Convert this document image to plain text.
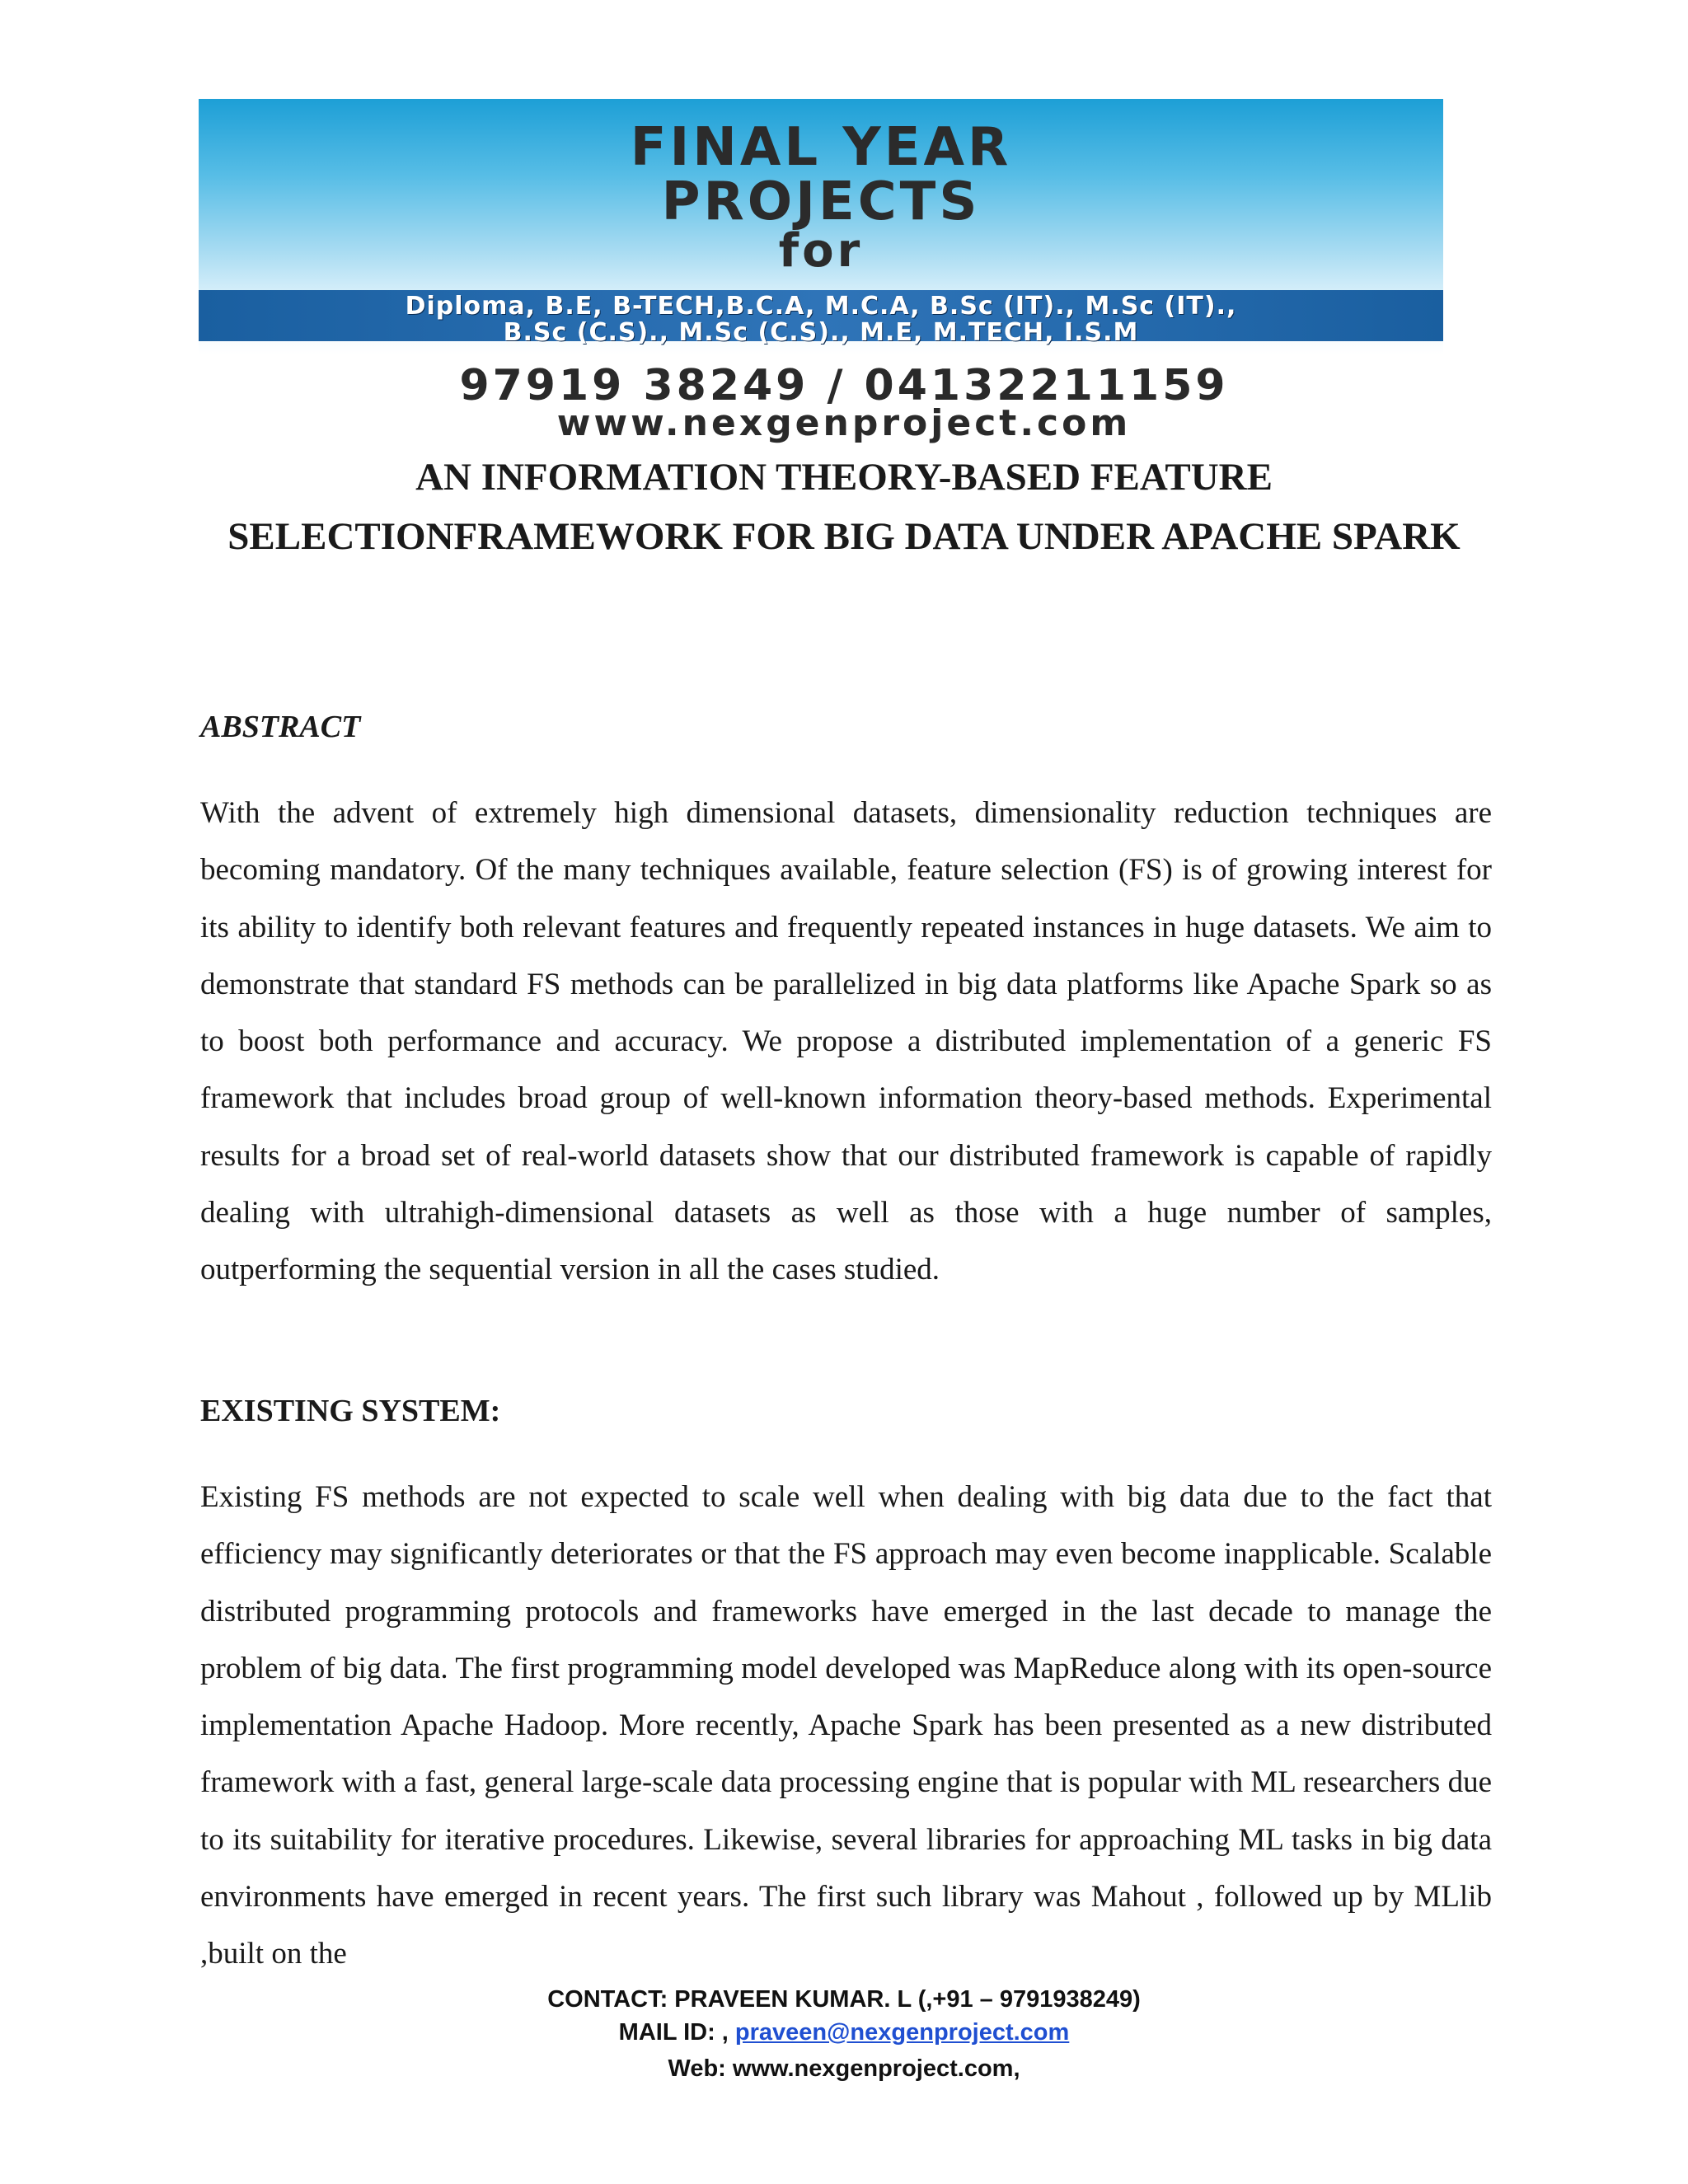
FINAL YEAR
PROJECTS
for
Diploma, B.E, B-TECH,B.C.A, M.C.A, B.Sc (IT)., M.Sc (IT).,
B.Sc (C.S)., M.Sc (C.S)., M.E, M.TECH, I.S.M
97919 38249 / 04132211159
www.nexgenproject.com
AN INFORMATION THEORY-BASED FEATURE
SELECTIONFRAMEWORK FOR BIG DATA UNDER APACHE SPARK
ABSTRACT
With the advent of extremely high dimensional datasets, dimensionality reduction techniques are becoming mandatory. Of the many techniques available, feature selection (FS) is of growing interest for its ability to identify both relevant features and frequently repeated instances in huge datasets. We aim to demonstrate that standard FS methods can be parallelized in big data platforms like Apache Spark so as to boost both performance and accuracy. We propose a distributed implementation of a generic FS framework that includes broad group of well-known information theory-based methods. Experimental results for a broad set of real-world datasets show that our distributed framework is capable of rapidly dealing with ultrahigh-dimensional datasets as well as those with a huge number of samples, outperforming the sequential version in all the cases studied.
EXISTING SYSTEM:
Existing FS methods are not expected to scale well when dealing with big data due to the fact that efficiency may significantly deteriorates or that the FS approach may even become inapplicable. Scalable distributed programming protocols and frameworks have emerged in the last decade to manage the problem of big data. The first programming model developed was MapReduce along with its open-source implementation Apache Hadoop. More recently, Apache Spark has been presented as a new distributed framework with a fast, general large-scale data processing engine that is popular with ML researchers due to its suitability for iterative procedures. Likewise, several libraries for approaching ML tasks in big data environments have emerged in recent years. The first such library was Mahout , followed up by MLlib ,built on the
CONTACT: PRAVEEN KUMAR. L (,+91 – 9791938249)
MAIL ID: , praveen@nexgenproject.com
Web: www.nexgenproject.com,
